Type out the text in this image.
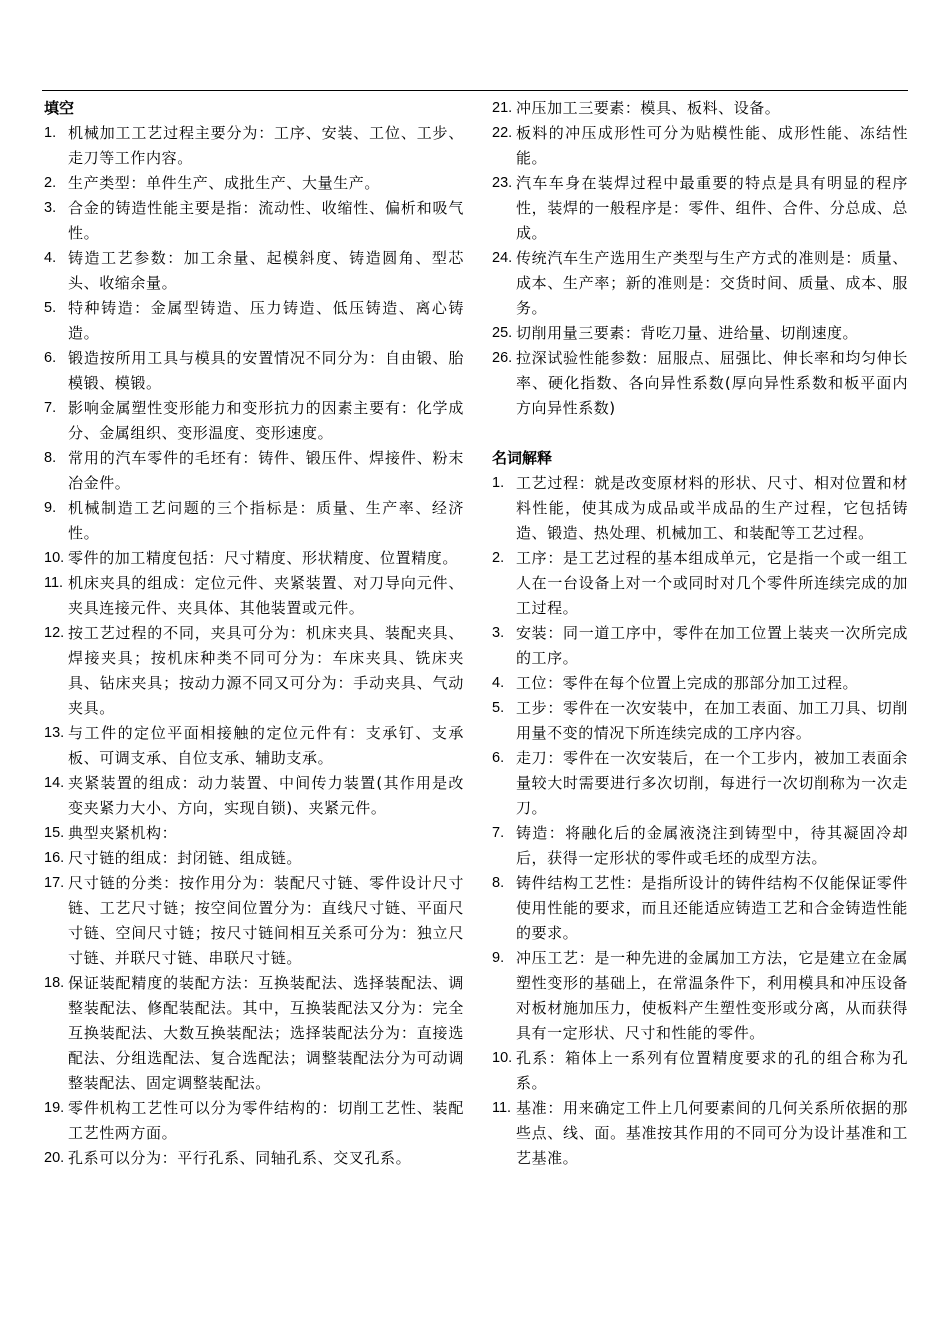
填空
1. 机械加工工艺过程主要分为：工序、安装、工位、工步、走刀等工作内容。
2. 生产类型：单件生产、成批生产、大量生产。
3. 合金的铸造性能主要是指：流动性、收缩性、偏析和吸气性。
4. 铸造工艺参数：加工余量、起模斜度、铸造圆角、型芯头、收缩余量。
5. 特种铸造：金属型铸造、压力铸造、低压铸造、离心铸造。
6. 锻造按所用工具与模具的安置情况不同分为：自由锻、胎模锻、模锻。
7. 影响金属塑性变形能力和变形抗力的因素主要有：化学成分、金属组织、变形温度、变形速度。
8. 常用的汽车零件的毛坯有：铸件、锻压件、焊接件、粉末冶金件。
9. 机械制造工艺问题的三个指标是：质量、生产率、经济性。
10. 零件的加工精度包括：尺寸精度、形状精度、位置精度。
11. 机床夹具的组成：定位元件、夹紧装置、对刀导向元件、夹具连接元件、夹具体、其他装置或元件。
12. 按工艺过程的不同，夹具可分为：机床夹具、装配夹具、焊接夹具；按机床种类不同可分为：车床夹具、铣床夹具、钻床夹具；按动力源不同又可分为：手动夹具、气动夹具。
13. 与工件的定位平面相接触的定位元件有：支承钉、支承板、可调支承、自位支承、辅助支承。
14. 夹紧装置的组成：动力装置、中间传力装置(其作用是改变夹紧力大小、方向，实现自锁)、夹紧元件。
15. 典型夹紧机构：
16. 尺寸链的组成：封闭链、组成链。
17. 尺寸链的分类：按作用分为：装配尺寸链、零件设计尺寸链、工艺尺寸链；按空间位置分为：直线尺寸链、平面尺寸链、空间尺寸链；按尺寸链间相互关系可分为：独立尺寸链、并联尺寸链、串联尺寸链。
18. 保证装配精度的装配方法：互换装配法、选择装配法、调整装配法、修配装配法。其中，互换装配法又分为：完全互换装配法、大数互换装配法；选择装配法分为：直接选配法、分组选配法、复合选配法；调整装配法分为可动调整装配法、固定调整装配法。
19. 零件机构工艺性可以分为零件结构的：切削工艺性、装配工艺性两方面。
20. 孔系可以分为：平行孔系、同轴孔系、交叉孔系。
21. 冲压加工三要素：模具、板料、设备。
22. 板料的冲压成形性可分为贴模性能、成形性能、冻结性能。
23. 汽车车身在装焊过程中最重要的特点是具有明显的程序性，装焊的一般程序是：零件、组件、合件、分总成、总成。
24. 传统汽车生产选用生产类型与生产方式的准则是：质量、成本、生产率；新的准则是：交货时间、质量、成本、服务。
25. 切削用量三要素：背吃刀量、进给量、切削速度。
26. 拉深试验性能参数：屈服点、屈强比、伸长率和均匀伸长率、硬化指数、各向异性系数(厚向异性系数和板平面内方向异性系数)
名词解释
1. 工艺过程：就是改变原材料的形状、尺寸、相对位置和材料性能，使其成为成品或半成品的生产过程，它包括铸造、锻造、热处理、机械加工、和装配等工艺过程。
2. 工序：是工艺过程的基本组成单元，它是指一个或一组工人在一台设备上对一个或同时对几个零件所连续完成的加工过程。
3. 安装：同一道工序中，零件在加工位置上装夹一次所完成的工序。
4. 工位：零件在每个位置上完成的那部分加工过程。
5. 工步：零件在一次安装中，在加工表面、加工刀具、切削用量不变的情况下所连续完成的工序内容。
6. 走刀：零件在一次安装后，在一个工步内，被加工表面余量较大时需要进行多次切削，每进行一次切削称为一次走刀。
7. 铸造：将融化后的金属液浇注到铸型中，待其凝固冷却后，获得一定形状的零件或毛坯的成型方法。
8. 铸件结构工艺性：是指所设计的铸件结构不仅能保证零件使用性能的要求，而且还能适应铸造工艺和合金铸造性能的要求。
9. 冲压工艺：是一种先进的金属加工方法，它是建立在金属塑性变形的基础上，在常温条件下，利用模具和冲压设备对板材施加压力，使板料产生塑性变形或分离，从而获得具有一定形状、尺寸和性能的零件。
10. 孔系：箱体上一系列有位置精度要求的孔的组合称为孔系。
11. 基准：用来确定工件上几何要素间的几何关系所依据的那些点、线、面。基准按其作用的不同可分为设计基准和工艺基准。
